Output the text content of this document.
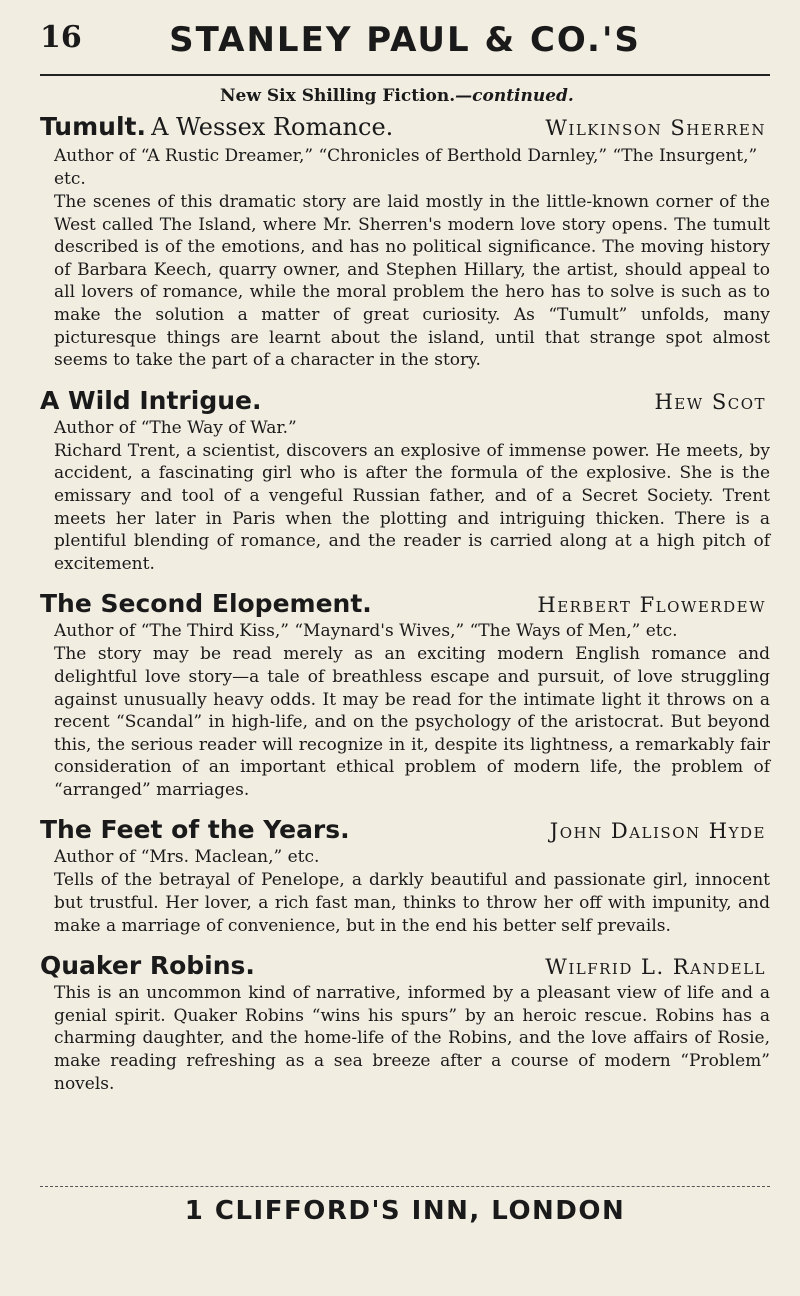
16	STANLEY PAUL & CO.'S
New Six Shilling Fiction.—continued.
Tumult. A Wessex Romance.	Wilkinson Sherren
Author of “A Rustic Dreamer,” “Chronicles of Berthold Darnley,” “The Insurgent,” etc.
The scenes of this dramatic story are laid mostly in the little-known corner of the West called The Island, where Mr. Sherren's modern love story opens. The tumult described is of the emotions, and has no political significance. The moving history of Barbara Keech, quarry owner, and Stephen Hillary, the artist, should appeal to all lovers of romance, while the moral problem the hero has to solve is such as to make the solution a matter of great curiosity. As “Tumult” unfolds, many picturesque things are learnt about the island, until that strange spot almost seems to take the part of a character in the story.
A Wild Intrigue.	Hew Scot
Author of “The Way of War.”
Richard Trent, a scientist, discovers an explosive of immense power. He meets, by accident, a fascinating girl who is after the formula of the explosive. She is the emissary and tool of a vengeful Russian father, and of a Secret Society. Trent meets her later in Paris when the plotting and intriguing thicken. There is a plentiful blending of romance, and the reader is carried along at a high pitch of excitement.
The Second Elopement.	Herbert Flowerdew
Author of “The Third Kiss,” “Maynard's Wives,” “The Ways of Men,” etc.
The story may be read merely as an exciting modern English romance and delightful love story—a tale of breathless escape and pursuit, of love struggling against unusually heavy odds. It may be read for the intimate light it throws on a recent “Scandal” in high-life, and on the psychology of the aristocrat. But beyond this, the serious reader will recognize in it, despite its lightness, a remarkably fair consideration of an important ethical problem of modern life, the problem of “arranged” marriages.
The Feet of the Years.	John Dalison Hyde
Author of “Mrs. Maclean,” etc.
Tells of the betrayal of Penelope, a darkly beautiful and passionate girl, innocent but trustful. Her lover, a rich fast man, thinks to throw her off with impunity, and make a marriage of convenience, but in the end his better self prevails.
Quaker Robins.	Wilfrid L. Randell
This is an uncommon kind of narrative, informed by a pleasant view of life and a genial spirit. Quaker Robins “wins his spurs” by an heroic rescue. Robins has a charming daughter, and the home-life of the Robins, and the love affairs of Rosie, make reading refreshing as a sea breeze after a course of modern “Problem” novels.
1 CLIFFORD'S INN, LONDON
